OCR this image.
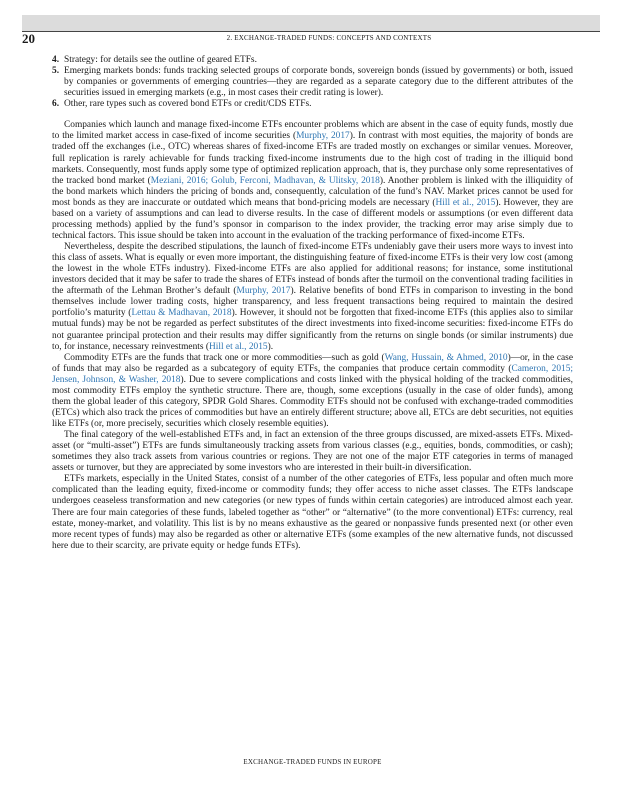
20	2. EXCHANGE-TRADED FUNDS: CONCEPTS AND CONTEXTS
4. Strategy: for details see the outline of geared ETFs.
5. Emerging markets bonds: funds tracking selected groups of corporate bonds, sovereign bonds (issued by governments) or both, issued by companies or governments of emerging countries—they are regarded as a separate category due to the different attributes of the securities issued in emerging markets (e.g., in most cases their credit rating is lower).
6. Other, rare types such as covered bond ETFs or credit/CDS ETFs.

Companies which launch and manage fixed-income ETFs encounter problems which are absent in the case of equity funds, mostly due to the limited market access in case-fixed of income securities (Murphy, 2017). In contrast with most equities, the majority of bonds are traded off the exchanges (i.e., OTC) whereas shares of fixed-income ETFs are traded mostly on exchanges or similar venues. Moreover, full replication is rarely achievable for funds tracking fixed-income instruments due to the high cost of trading in the illiquid bond markets. Consequently, most funds apply some type of optimized replication approach, that is, they purchase only some representatives of the tracked bond market (Meziani, 2016; Golub, Ferconi, Madhavan, & Ulitsky, 2018). Another problem is linked with the illiquidity of the bond markets which hinders the pricing of bonds and, consequently, calculation of the fund’s NAV. Market prices cannot be used for most bonds as they are inaccurate or outdated which means that bond-pricing models are necessary (Hill et al., 2015). However, they are based on a variety of assumptions and can lead to diverse results. In the case of different models or assumptions (or even different data processing methods) applied by the fund’s sponsor in comparison to the index provider, the tracking error may arise simply due to technical factors. This issue should be taken into account in the evaluation of the tracking performance of fixed-income ETFs.

Nevertheless, despite the described stipulations, the launch of fixed-income ETFs undeniably gave their users more ways to invest into this class of assets. What is equally or even more important, the distinguishing feature of fixed-income ETFs is their very low cost (among the lowest in the whole ETFs industry). Fixed-income ETFs are also applied for additional reasons; for instance, some institutional investors decided that it may be safer to trade the shares of ETFs instead of bonds after the turmoil on the conventional trading facilities in the aftermath of the Lehman Brother’s default (Murphy, 2017). Relative benefits of bond ETFs in comparison to investing in the bond themselves include lower trading costs, higher transparency, and less frequent transactions being required to maintain the desired portfolio’s maturity (Lettau & Madhavan, 2018). However, it should not be forgotten that fixed-income ETFs (this applies also to similar mutual funds) may be not be regarded as perfect substitutes of the direct investments into fixed-income securities: fixed-income ETFs do not guarantee principal protection and their results may differ significantly from the returns on single bonds (or similar instruments) due to, for instance, necessary reinvestments (Hill et al., 2015).

Commodity ETFs are the funds that track one or more commodities—such as gold (Wang, Hussain, & Ahmed, 2010)—or, in the case of funds that may also be regarded as a subcategory of equity ETFs, the companies that produce certain commodity (Cameron, 2015; Jensen, Johnson, & Washer, 2018). Due to severe complications and costs linked with the physical holding of the tracked commodities, most commodity ETFs employ the synthetic structure. There are, though, some exceptions (usually in the case of older funds), among them the global leader of this category, SPDR Gold Shares. Commodity ETFs should not be confused with exchange-traded commodities (ETCs) which also track the prices of commodities but have an entirely different structure; above all, ETCs are debt securities, not equities like ETFs (or, more precisely, securities which closely resemble equities).

The final category of the well-established ETFs and, in fact an extension of the three groups discussed, are mixed-assets ETFs. Mixed-asset (or “multi-asset”) ETFs are funds simultaneously tracking assets from various classes (e.g., equities, bonds, commodities, or cash); sometimes they also track assets from various countries or regions. They are not one of the major ETF categories in terms of managed assets or turnover, but they are appreciated by some investors who are interested in their built-in diversification.

ETFs markets, especially in the United States, consist of a number of the other categories of ETFs, less popular and often much more complicated than the leading equity, fixed-income or commodity funds; they offer access to niche asset classes. The ETFs landscape undergoes ceaseless transformation and new categories (or new types of funds within certain categories) are introduced almost each year. There are four main categories of these funds, labeled together as “other” or “alternative” (to the more conventional) ETFs: currency, real estate, money-market, and volatility. This list is by no means exhaustive as the geared or nonpassive funds presented next (or other even more recent types of funds) may also be regarded as other or alternative ETFs (some examples of the new alternative funds, not discussed here due to their scarcity, are private equity or hedge funds ETFs).

EXCHANGE-TRADED FUNDS IN EUROPE
